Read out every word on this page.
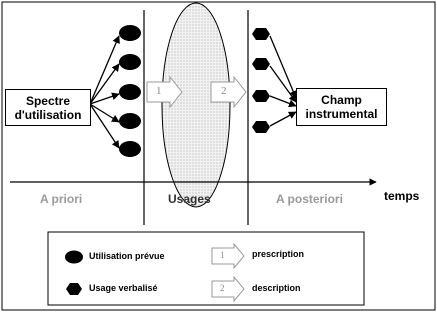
Spectre
d'utilisation
Champ
instrumental
1	2
A priori	Usages	A posteriori	temps
Utilisation prévue
Usage verbalisé
1
2
prescription
description
